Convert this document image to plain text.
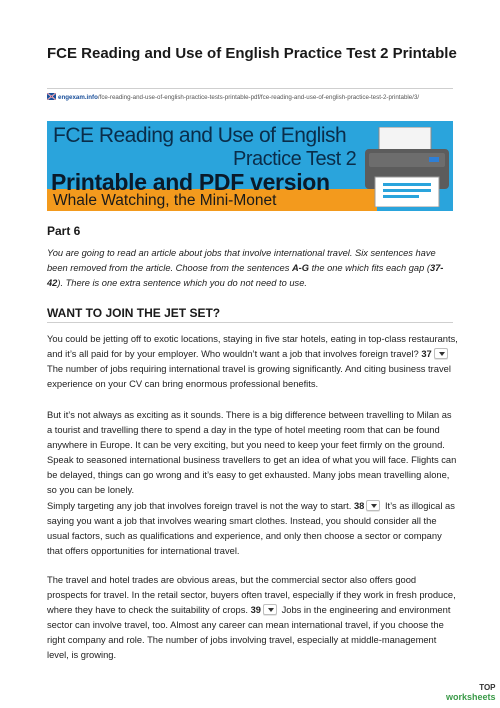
FCE Reading and Use of English Practice Test 2 Printable
engexam.info/fce-reading-and-use-of-english-practice-tests-printable-pdf/fce-reading-and-use-of-english-practice-test-2-printable/3/
FCE Reading and Use of English
Practice Test 2
Printable and PDF version
Whale Watching, the Mini-Monet
Part 6
You are going to read an article about jobs that involve international travel. Six sentences have been removed from the article. Choose from the sentences A-G the one which fits each gap (37-42). There is one extra sentence which you do not need to use.
WANT TO JOIN THE JET SET?
You could be jetting off to exotic locations, staying in five star hotels, eating in top-class restaurants, and it’s all paid for by your employer. Who wouldn’t want a job that involves foreign travel? 37 The number of jobs requiring international travel is growing significantly. And citing business travel experience on your CV can bring enormous professional benefits.
But it’s not always as exciting as it sounds. There is a big difference between travelling to Milan as a tourist and travelling there to spend a day in the type of hotel meeting room that can be found anywhere in Europe. It can be very exciting, but you need to keep your feet firmly on the ground. Speak to seasoned international business travellers to get an idea of what you will face. Flights can be delayed, things can go wrong and it’s easy to get exhausted. Many jobs mean travelling alone, so you can be lonely.
Simply targeting any job that involves foreign travel is not the way to start. 38 It’s as illogical as saying you want a job that involves wearing smart clothes. Instead, you should consider all the usual factors, such as qualifications and experience, and only then choose a sector or company that offers opportunities for international travel.
The travel and hotel trades are obvious areas, but the commercial sector also offers good prospects for travel. In the retail sector, buyers often travel, especially if they work in fresh produce, where they have to check the suitability of crops. 39 Jobs in the engineering and environment sector can involve travel, too. Almost any career can mean international travel, if you choose the right company and role. The number of jobs involving travel, especially at middle-management level, is growing.
TOP
worksheets
